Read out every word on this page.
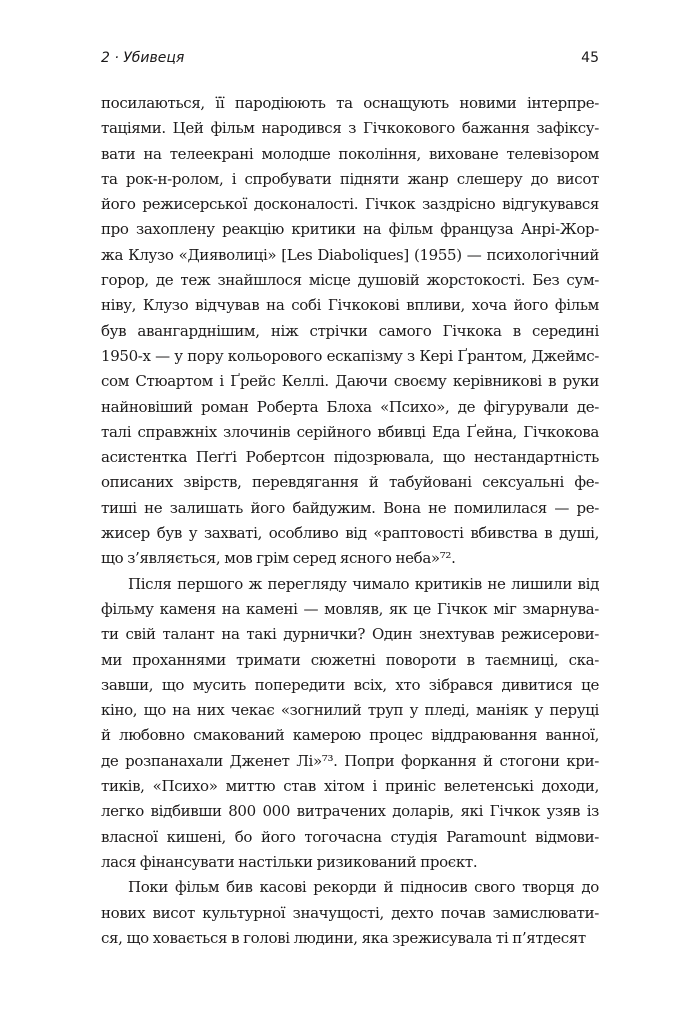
2 · Убивеця	45
посилаються, її пародіюють та оснащують новими інтерпре-
таціями. Цей фільм народився з Гічкокового бажання зафіксу-
вати на телеекрані молодше покоління, виховане телевізором
та рок-н-ролом, і спробувати підняти жанр слешеру до висот
його режисерської досконалості. Гічкок заздрісно відгукувався
про захоплену реакцію критики на фільм француза Анрі-Жор-
жа Клузо «Дияволиці» [Les Diaboliques] (1955) — психологічний
горор, де теж знайшлося місце душовій жорстокості. Без сум-
ніву, Клузо відчував на собі Гічкокові впливи, хоча його фільм
був авангарднішим, ніж стрічки самого Гічкока в середині
1950-х — у пору кольорового ескапізму з Кері Ґрантом, Джеймс-
сом Стюартом і Ґрейс Келлі. Даючи своєму керівникові в руки
найновіший роман Роберта Блоха «Психо», де фігурували де-
талі справжніх злочинів серійного вбивці Еда Ґейна, Гічкокова
асистентка Пеґґі Робертсон підозрювала, що нестандартність
описаних звірств, перевдягання й табуйовані сексуальні фе-
тиші не залишать його байдужим. Вона не помилилася — ре-
жисер був у захваті, особливо від «раптовості вбивства в душі,
що з’являється, мов грім серед ясного неба»⁷².
Після першого ж перегляду чимало критиків не лишили від
фільму каменя на камені — мовляв, як це Гічкок міг змарнува-
ти свій талант на такі дурнички? Один знехтував режисерови-
ми проханнями тримати сюжетні повороти в таємниці, ска-
завши, що мусить попередити всіх, хто зібрався дивитися це
кіно, що на них чекає «зогнилий труп у пледі, маніяк у перуці
й любовно смакований камерою процес віддраювання ванної,
де розпанахали Дженет Лі»⁷³. Попри форкання й стогони кри-
тиків, «Психо» миттю став хітом і приніс велетенські доходи,
легко відбивши 800 000 витрачених доларів, які Гічкок узяв із
власної кишені, бо його тогочасна студія Paramount відмови-
лася фінансувати настільки ризикований проєкт.
Поки фільм бив касові рекорди й підносив свого творця до
нових висот культурної значущості, дехто почав замислювати-
ся, що ховається в голові людини, яка зрежисувала ті п’ятдесят
